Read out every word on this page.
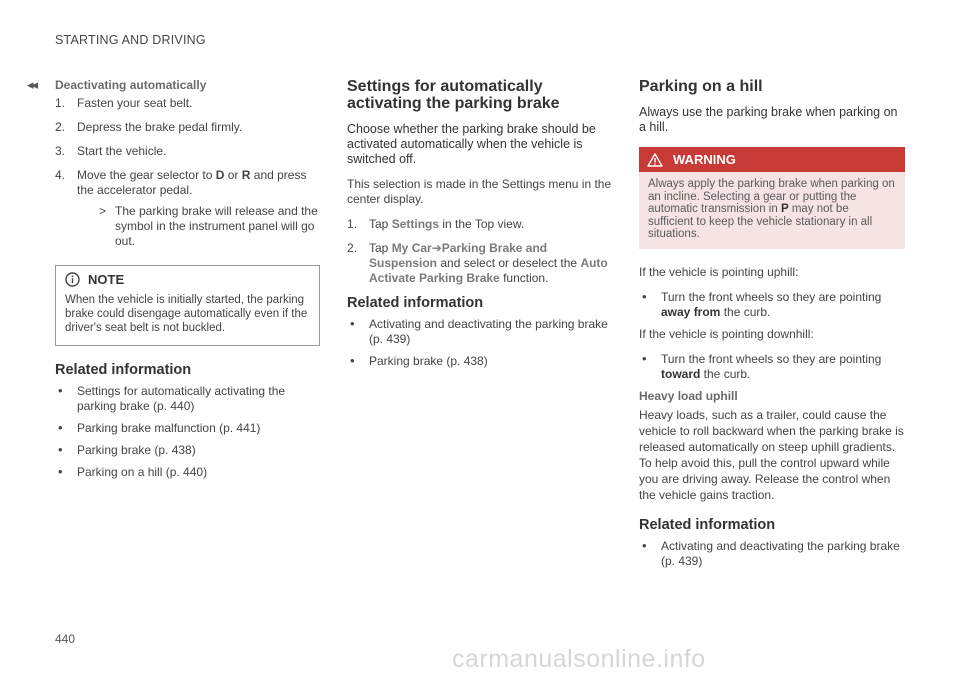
STARTING AND DRIVING
◂◂ Deactivating automatically
1. Fasten your seat belt.
2. Depress the brake pedal firmly.
3. Start the vehicle.
4. Move the gear selector to D or R and press the accelerator pedal.
> The parking brake will release and the symbol in the instrument panel will go out.
NOTE
When the vehicle is initially started, the parking brake could disengage automatically even if the driver's seat belt is not buckled.
Related information
• Settings for automatically activating the parking brake (p. 440)
• Parking brake malfunction (p. 441)
• Parking brake (p. 438)
• Parking on a hill (p. 440)
Settings for automatically activating the parking brake

Choose whether the parking brake should be activated automatically when the vehicle is switched off.

This selection is made in the Settings menu in the center display.

1. Tap Settings in the Top view.
2. Tap My Car➔Parking Brake and Suspension and select or deselect the Auto Activate Parking Brake function.
Related information
• Activating and deactivating the parking brake (p. 439)
• Parking brake (p. 438)
Parking on a hill

Always use the parking brake when parking on a hill.

WARNING
Always apply the parking brake when parking on an incline. Selecting a gear or putting the automatic transmission in P may not be sufficient to keep the vehicle stationary in all situations.

If the vehicle is pointing uphill:

• Turn the front wheels so they are pointing away from the curb.

If the vehicle is pointing downhill:

• Turn the front wheels so they are pointing toward the curb.
Heavy load uphill

Heavy loads, such as a trailer, could cause the vehicle to roll backward when the parking brake is released automatically on steep uphill gradients. To help avoid this, pull the control upward while you are driving away. Release the control when the vehicle gains traction.

Related information
• Activating and deactivating the parking brake (p. 439)
440
carmanualsonline.info
